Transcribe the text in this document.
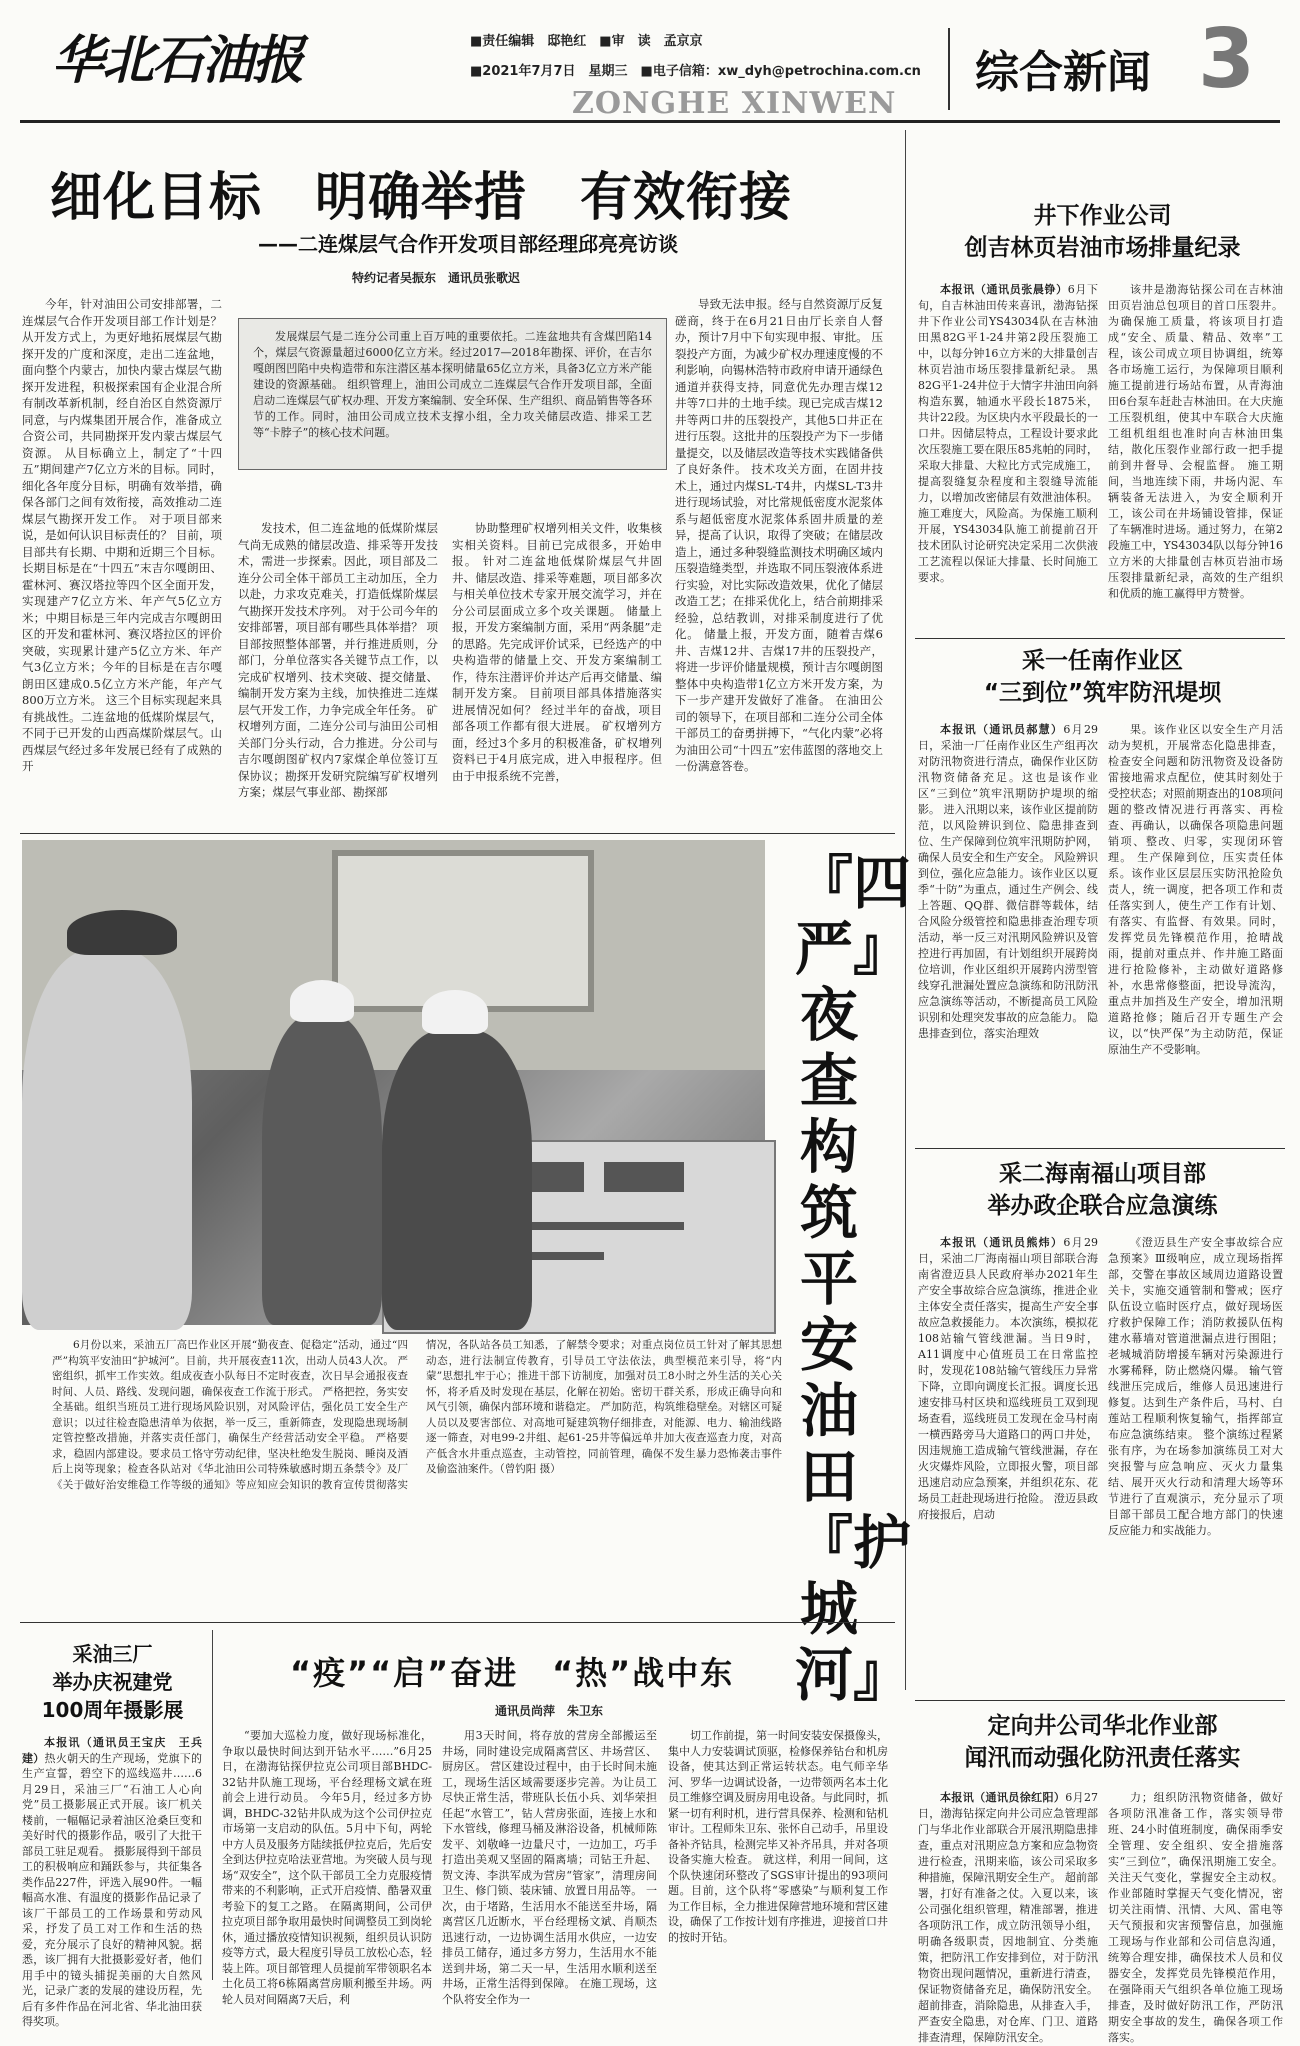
华北石油报	■责任编辑　邸艳红　■审　读　孟京京
■2021年7月7日　星期三　■电子信箱：xw_dyh@petrochina.com.cn
ZONGHE XINWEN
综合新闻 3
细化目标　明确举措　有效衔接
——二连煤层气合作开发项目部经理邱亮亮访谈
特约记者吴振东　通讯员张歌迟

今年，针对油田公司安排部署，二连煤层气合作开发项目部工作计划是？ 从开发方式上，为更好地拓展煤层气勘探开发的广度和深度，走出二连盆地，面向整个内蒙古，加快内蒙古煤层气勘探开发进程，积极探索国有企业混合所有制改革新机制，经自治区自然资源厅同意，与内煤集团开展合作，准备成立合资公司，共同勘探开发内蒙古煤层气资源。 从目标确立上，制定了“十四五”期间建产7亿立方米的目标。同时，细化各年度分目标，明确有效举措，确保各部门之间有效衔接，高效推动二连煤层气勘探开发工作。 对于项目部来说，是如何认识目标责任的？ 目前，项目部共有长期、中期和近期三个目标。 长期目标是在“十四五”末吉尔嘎朗田、霍林河、赛汉塔拉等四个区全面开发，实现建产7亿立方米、年产气5亿立方米；中期目标是三年内完成吉尔嘎朗田区的开发和霍林河、赛汉塔拉区的评价突破，实现累计建产5亿立方米、年产气3亿立方米；今年的目标是在吉尔嘎朗田区建成0.5亿立方米产能，年产气800万立方米。 这三个目标实现起来具有挑战性。二连盆地的低煤阶煤层气，不同于已开发的山西高煤阶煤层气。山西煤层气经过多年发展已经有了成熟的开

发展煤层气是二连分公司重上百万吨的重要依托。二连盆地共有含煤凹陷14个，煤层气资源量超过6000亿立方米。经过2017—2018年勘探、评价，在吉尔嘎朗图凹陷中央构造带和东注潜区基本探明储量65亿立方米，具备3亿立方米产能建设的资源基础。 组织管理上，油田公司成立二连煤层气合作开发项目部，全面启动二连煤层气矿权办理、开发方案编制、安全环保、生产组织、商品销售等各环节的工作。同时，油田公司成立技术支撑小组，全力攻关储层改造、排采工艺等“卡脖子”的核心技术问题。

发技术，但二连盆地的低煤阶煤层气尚无成熟的储层改造、排采等开发技术，需进一步探索。因此，项目部及二连分公司全体干部员工主动加压，全力以赴，力求攻克难关，打造低煤阶煤层气勘探开发技术序列。 对于公司今年的安排部署，项目部有哪些具体举措？ 项目部按照整体部署，并行推进质则，分部门，分单位落实各关键节点工作，以完成矿权增列、技术突破、提交储量、编制开发方案为主线，加快推进二连煤层气开发工作，力争完成全年任务。 矿权增列方面，二连分公司与油田公司相关部门分头行动，合力推进。分公司与吉尔嘎朗图矿权内7家煤企单位签订互保协议；勘探开发研究院编写矿权增列方案；煤层气事业部、勘探部

协助整理矿权增列相关文件，收集核实相关资料。目前已完成很多，开始申报。 针对二连盆地低煤阶煤层气井固井、储层改造、排采等难题，项目部多次与相关单位技术专家开展交流学习，并在分公司层面成立多个攻关课题。 储量上报，开发方案编制方面，采用“两条腿”走的思路。先完成评价试采，已经选产的中央构造带的储量上交、开发方案编制工作，待东注潜评价并达产后再交储量、编制开发方案。 目前项目部具体措施落实进展情况如何？ 经过半年的奋战，项目部各项工作都有很大进展。 矿权增列方面，经过3个多月的积极准备，矿权增列资料已于4月底完成，进入申报程序。但由于申报系统不完善，

导致无法申报。经与自然资源厅反复磋商，终于在6月21日由厅长亲自人督办，预计7月中下旬实现申报、审批。 压裂投产方面，为减少矿权办理速度慢的不利影响，向锡林浩特市政府申请开通绿色通道并获得支持，同意优先办理吉煤12井等7口井的土地手续。现已完成吉煤12井等两口井的压裂投产，其他5口井正在进行压裂。这批井的压裂投产为下一步储量提交，以及储层改造等技术实践储备供了良好条件。 技术攻关方面，在固井技术上，通过内煤SL-T4井，内煤SL-T3井进行现场试验，对比常规低密度水泥浆体系与超低密度水泥浆体系固井质量的差异，提高了认识，取得了突破；在储层改造上，通过多种裂缝监测技术明确区域内压裂造缝类型，并选取不同压裂液体系进行实验，对比实际改造效果，优化了储层改造工艺；在排采优化上，结合前期排采经验，总结教训，对排采制度进行了优化。 储量上报，开发方面，随着吉煤6井、吉煤12井、吉煤17井的压裂投产，将进一步评价储量规模，预计吉尔嘎朗图整体中央构造带1亿立方米开发方案，为下一步产建开发做好了准备。 在油田公司的领导下，在项目部和二连分公司全体干部员工的奋勇拼搏下，“气化内蒙”必将为油田公司“十四五”宏伟蓝图的落地交上一份满意答卷。

『四严』夜查构筑平安油田『护城河』

6月份以来，采油五厂高巴作业区开展“勤夜查、促稳定”活动，通过“四严”构筑平安油田“护城河”。目前，共开展夜查11次，出动人员43人次。 严密组织，抓牢工作实效。组成夜查小队每日不定时夜查，次日早会通报夜查时间、人员、路线、发现问题，确保夜查工作流于形式。 严格把控，务实安全基础。组织当班员工进行现场风险识别，对风险评估，强化员工安全生产意识；以过往检查隐患清单为依据，举一反三，重新筛查，发现隐患现场制定管控整改措施，并落实责任部门，确保生产经营活动安全平稳。 严格要求，稳固内部建设。要求员工恪守劳动纪律，坚决杜绝发生脱岗、睡岗及酒后上岗等现象；检查各队站对《华北油田公司特殊敏感时期五条禁令》及厂《关于做好治安维稳工作等级的通知》等应知应会知识的教育宣传贯彻落实情况，各队站各员工知悉，了解禁令要求；对重点岗位员工针对了解其思想动态，进行法制宣传教育，引导员工守法依法，典型模范来引导，将“内蒙”思想扎牢于心；推进干部下访制度，加强对员工8小时之外生活的关心关怀，将矛盾及时发现在基层，化解在初始。密切干群关系，形成正确导向和风气引领，确保内部环境和谐稳定。 严加防范，构筑维稳壁垒。对辖区可疑人员以及要害部位、对高地可疑建筑物仔细排查，对能源、电力、输油线路逐一筛查，对电99-2井组、起61-25井等偏远单井加大夜查巡查力度，对高产低含水井重点巡查，主动管控，同前管理，确保不发生暴力恐怖袭击事件及偷盗油案件。（曾钓阳 摄）

井下作业公司
创吉林页岩油市场排量纪录

本报讯（通讯员张晨铮）6月下旬，自吉林油田传来喜讯，渤海钻探井下作业公司YS43034队在吉林油田黑82G平1-24井第2段压裂施工中，以每分钟16立方米的大排量创吉林页岩油市场压裂排量新纪录。 黑82G平1-24井位于大情字井油田向斜构造东翼，轴通水平段长1875米，共计22段。为区块内水平段最长的一口井。因储层特点，工程设计要求此次压裂施工要在限压85兆帕的同时，采取大排量、大粒比方式完成施工，提高裂缝复杂程度和主裂缝导流能力，以增加改密储层有效泄油体积。施工难度大，风险高。为保施工顺利开展，YS43034队施工前提前召开技术团队讨论研究决定采用二次供液工艺流程以保证大排量、长时间施工要求。

该井是渤海钻探公司在吉林油田页岩油总包项目的首口压裂井。为确保施工质量，将该项目打造成“安全、质量、精品、效率”工程，该公司成立项目协调组，统筹各市场施工运行，为保障项目顺利施工提前进行场站布置，从青海油田6台泵车赶赴吉林油田。在大庆施工压裂机组，使其中车联合大庆施工组机组组也准时向吉林油田集结，散化压裂作业部行政一把手提前到井督导、会棍监督。 施工期间，当地连续下雨，井场内泥、车辆装备无法进入，为安全顺利开工，该公司在井场铺设管排，保证了车辆准时进场。通过努力，在第2段施工中，YS43034队以每分钟16立方米的大排量创吉林页岩油市场压裂排量新纪录，高效的生产组织和优质的施工赢得甲方赞誉。

采一任南作业区
“三到位”筑牢防汛堤坝

本报讯（通讯员郝慧）6月29日，采油一厂任南作业区生产组再次对防汛物资进行清点，确保作业区防汛物资储备充足。这也是该作业区“三到位”筑牢汛期防护堤坝的缩影。 进入汛期以来，该作业区提前防范，以风险辨识到位、隐患排查到位、生产保障到位筑牢汛期防护网，确保人员安全和生产安全。 风险辨识到位，强化应急能力。该作业区以夏季“十防”为重点，通过生产例会、线上答题、QQ群、微信群等载体，结合风险分级管控和隐患排查治理专项活动，举一反三对汛期风险辨识及管控进行再加固，有计划组织开展跨岗位培训，作业区组织开展跨内涝型管线穿孔泄漏处置应急演练和防汛防汛应急演练等活动，不断提高员工风险识别和处理突发事故的应急能力。 隐患排查到位，落实治理效

果。该作业区以安全生产月活动为契机，开展常态化隐患排查，检查安全问题和防汛物资及设备防雷接地需求点配位，使其时刻处于受控状态；对照前期查出的108项问题的整改情况进行再落实、再检查、再确认，以确保各项隐患问题销项、整改、归零，实现闭环管理。 生产保障到位，压实责任体系。该作业区层层压实防汛抢险负责人，统一调度，把各项工作和责任落实到人，使生产工作有计划、有落实、有监督、有效果。同时，发挥党员先锋模范作用，抢晴战雨，提前对重点并、作井施工路面进行抢险修补，主动做好道路修补，水患常修整面，把设导流沟，重点井加挡及生产安全，增加汛期道路抢修；随后召开专题生产会议，以“快严保”为主动防范，保证原油生产不受影响。

采二海南福山项目部
举办政企联合应急演练

本报讯（通讯员熊炜）6月29日，采油二厂海南福山项目部联合海南省澄迈县人民政府举办2021年生产安全事故综合应急演练，推进企业主体安全责任落实，提高生产安全事故应急救援能力。 本次演练，模拟花108站输气管线泄漏。当日9时，A11调度中心值班员工在日常监控时，发现花108站输气管线压力异常下降，立即向调度长汇报。调度长迅速安排马村区块和巡线班员工双到现场查看，巡线班员工发现在金马村南一横西路旁马大道路口的两口井处，因违规施工造成输气管线泄漏，存在火灾爆炸风险，立即报火警，项目部迅速启动应急预案，并组织花东、花场员工赶赴现场进行抢险。 澄迈县政府接报后，启动

《澄迈县生产安全事故综合应急预案》Ⅲ级响应，成立现场指挥部，交警在事故区域周边道路设置关卡，实施交通管制和警戒；医疗队伍设立临时医疗点，做好现场医疗救护保障工作；消防救援队伍构建水幕墙对管道泄漏点进行围阻；老城城消防增援车辆对污染源进行水雾稀释，防止燃烧闪爆。 输气管线泄压完成后，维修人员迅速进行修复。达到生产条件后，马村、白莲站工程顺利恢复输气，指挥部宣布应急演练结束。 整个演练过程紧张有序，为在场参加演练员工对大突报警与应急响应、灭火力量集结、展开灭火行动和清理大场等环节进行了直观演示，充分显示了项目部干部员工配合地方部门的快速反应能力和实战能力。

定向井公司华北作业部
闻汛而动强化防汛责任落实

本报讯（通讯员徐红阳）6月27日，渤海钻探定向井公司应急管理部门与华北作业部联合开展汛期隐患排查，重点对汛期应急方案和应急物资进行检查，汛期来临，该公司采取多种措施，保障汛期安全生产。 超前部署，打好有准备之仗。入夏以来，该公司强化组织管理，精准部署，推进各项防汛工作，成立防汛领导小组，明确各级职责，因地制宜、分类施策，把防汛工作安排到位，对于防汛物资出现问题情况，重新进行清查，保证物资储备充足，确保防汛安全。 超前排查，消除隐患，从排查入手，严查安全隐患，对仓库、门卫、道路排查清理，保障防汛安全。

力；组织防汛物资储备，做好各项防汛准备工作，落实领导带班、24小时值班制度，确保雨季安全管理、安全组织、安全措施落实“三到位”，确保汛期施工安全。 关注天气变化，掌握安全主动权。作业部随时掌握天气变化情况，密切关注雨情、汛情、大风、雷电等天气预报和灾害预警信息，加强施工现场与作业部和公司信息沟通，统筹合理安排，确保技术人员和仪器安全，发挥党员先锋模范作用，在强降雨天气组织各单位施工现场排查，及时做好防汛工作，严防汛期安全事故的发生，确保各项工作落实。

采油三厂
举办庆祝建党
100周年摄影展

本报讯（通讯员王宝庆　王兵建）热火朝天的生产现场，党旗下的生产宣誓，碧空下的巡线巡井……6月29日，采油三厂“石油工人心向党”员工摄影展正式开展。该厂机关楼前，一幅幅记录着油区沧桑巨变和美好时代的摄影作品，吸引了大批干部员工驻足观看。 摄影展得到干部员工的积极响应和踊跃参与，共征集各类作品227件，评选入展90件。一幅幅高水准、有温度的摄影作品记录了该厂干部员工的工作场景和劳动风采，抒发了员工对工作和生活的热爱，充分展示了良好的精神风貌。据悉，该厂拥有大批摄影爱好者，他们用手中的镜头捕捉美丽的大自然风光，记录广袤的发展的建设历程，先后有多件作品在河北省、华北油田获得奖项。

“疫”“启”奋进　“热”战中东
通讯员尚萍　朱卫东

“要加大巡检力度，做好现场标准化，争取以最快时间达到开钻水平……”6月25日，在渤海钻探伊拉克公司项目部BHDC-32钻井队施工现场，平台经理杨文斌在班前会上进行动员。 今年5月，经过多方协调，BHDC-32钻井队成为这个公司伊拉克市场第一支启动的队伍。5月中下旬，两轮中方人员及服务方陆续抵伊拉克后，先后安全到达伊拉克哈法亚营地。为突破人员与现场“双安全”，这个队干部员工全力克服疫情带来的不利影响，正式开启疫情、酷暑双重考验下的复工之路。 在隔离期间，公司伊拉克项目部争取用最快时间调整员工到岗轮休，通过播放疫情知识视频，组织员认识防疫等方式，最大程度引导员工放松心态，轻装上阵。项目部管理人员提前军带领职名本土化员工将6栋隔离营房顺利搬至井场。两轮人员对间隔离7天后，利

用3天时间，将存放的营房全部搬运至井场，同时建设完成隔离营区、井场营区、厨房区。 营区建设过程中，由于长时间未施工，现场生活区域需要逐步完善。为让员工尽快正常生活，带班队长伍小兵、刘华荣担任起“水管工”，钻人营房张面，连接上水和下水管线，修理马桶及淋浴设备，机械师陈发平、刘敬峰一边量尺寸，一边加工，巧手打造出美观又坚固的隔离墙；司钻王升起、贺文涛、李洪军成为营房“管家”，清理房间卫生、修门锁、装床铺、放置日用品等。 一次，由于堵路，生活用水不能送至井场，隔离营区几近断水，平台经理杨文斌、肖顺杰迅速行动，一边协调生活用水供应，一边安排员工储存，通过多方努力，生活用水不能送到井场，第二天一早，生活用水顺利送至井场，正常生活得到保障。 在施工现场，这个队将安全作为一

切工作前提，第一时间安装安保摄像头，集中人力安装调试顶驱，检修保养钻台和机房设备，使其达到正常运转状态。电气师辛华河、罗华一边调试设备，一边带领两名本土化员工维修空调及厨房用电设备。与此同时，抓紧一切有利时机，进行营具保养、检测和钻机审计。工程师朱卫东、张怀自己动手，吊里设备补齐钻具，检测完毕又补齐吊具，并对各项设备实施大检查。 就这样，利用一间间，这个队快速闭环整改了SGS审计提出的93项问题。目前，这个队将“零感染”与顺利复工作为工作目标，全力推进保障营地环境和营区建设，确保了工作按计划有序推进，迎接首口井的按时开钻。
